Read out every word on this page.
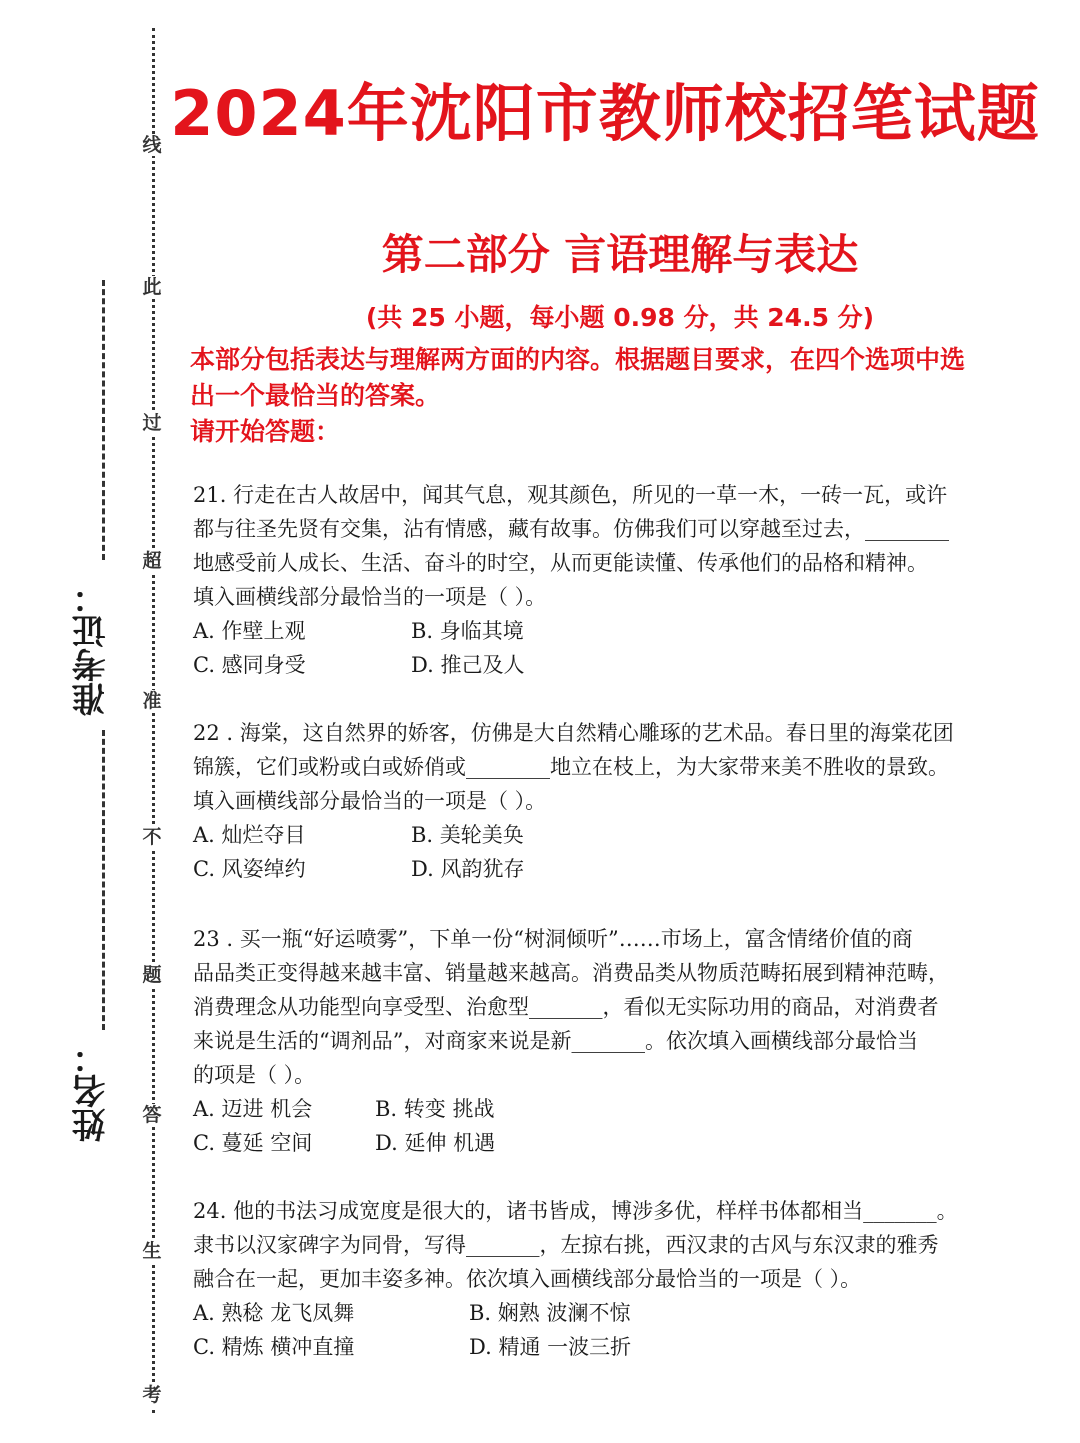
线
此
过
超
准
不
题
答
生
考
准考证：
姓名：
2024年沈阳市教师校招笔试题
第二部分 言语理解与表达
(共 25 小题，每小题 0.98 分，共 24.5 分)

本部分包括表达与理解两方面的内容。根据题目要求，在四个选项中选

出一个最恰当的答案。

请开始答题：

21. 行走在古人故居中，闻其气息，观其颜色，所见的一草一木，一砖一瓦，或许

都与往圣先贤有交集，沾有情感，藏有故事。仿佛我们可以穿越至过去，________

地感受前人成长、生活、奋斗的时空，从而更能读懂、传承他们的品格和精神。

填入画横线部分最恰当的一项是（ ）。

A. 作壁上观	B. 身临其境
C. 感同身受	D. 推己及人

22 . 海棠，这自然界的娇客，仿佛是大自然精心雕琢的艺术品。春日里的海棠花团

锦簇，它们或粉或白或娇俏或________地立在枝上，为大家带来美不胜收的景致。

填入画横线部分最恰当的一项是（ ）。

A. 灿烂夺目	B. 美轮美奂
C. 风姿绰约	D. 风韵犹存

23 . 买一瓶“好运喷雾”，下单一份“树洞倾听”……市场上，富含情绪价值的商

品品类正变得越来越丰富、销量越来越高。消费品类从物质范畴拓展到精神范畴，

消费理念从功能型向享受型、治愈型_______，看似无实际功用的商品，对消费者

来说是生活的“调剂品”，对商家来说是新_______。依次填入画横线部分最恰当

的项是（ ）。

A. 迈进 机会	B. 转变 挑战
C. 蔓延 空间	D. 延伸 机遇

24. 他的书法习成宽度是很大的，诸书皆成，博涉多优，样样书体都相当_______。

隶书以汉家碑字为同骨，写得_______，左掠右挑，西汉隶的古风与东汉隶的雅秀

融合在一起，更加丰姿多神。依次填入画横线部分最恰当的一项是（ ）。

A. 熟稔 龙飞凤舞	B. 娴熟 波澜不惊
C. 精炼 横冲直撞	D. 精通 一波三折
